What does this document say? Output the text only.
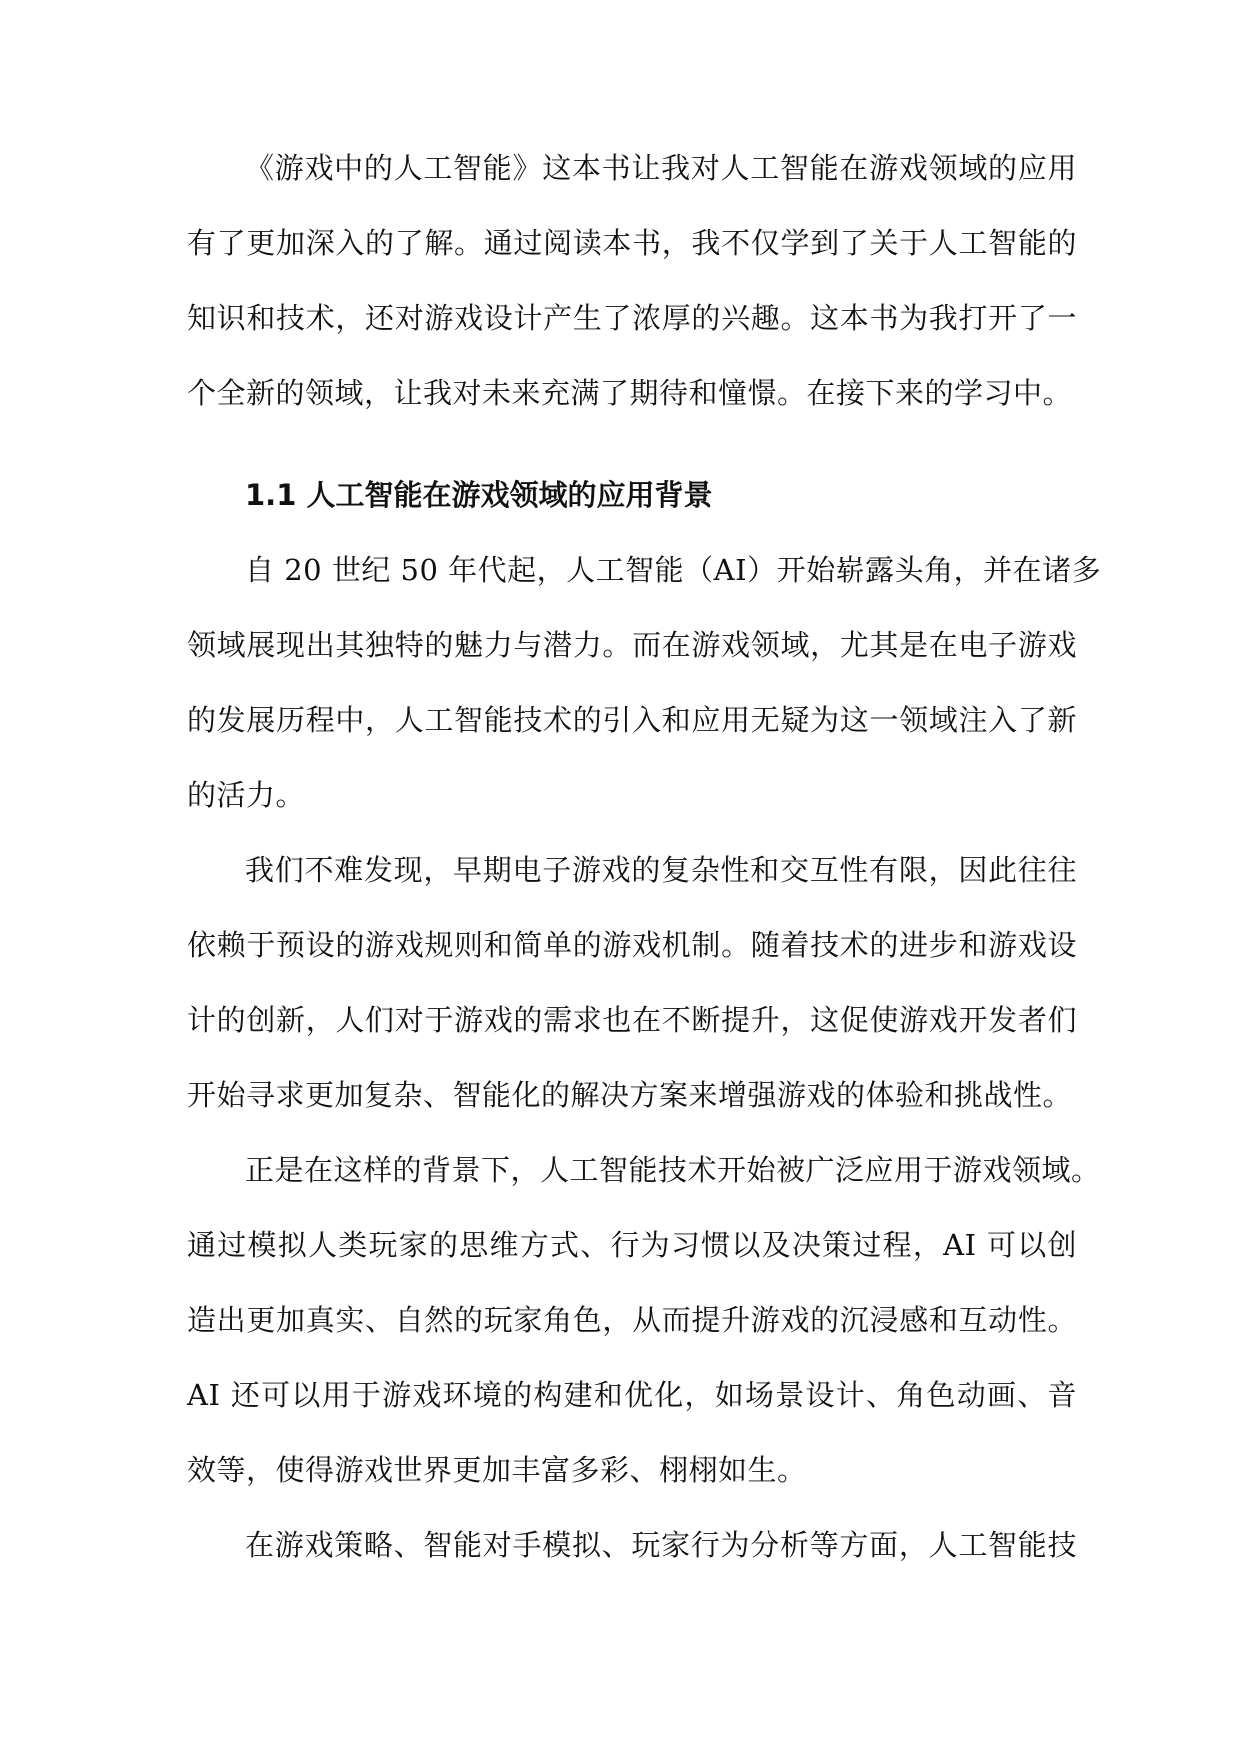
《游戏中的人工智能》这本书让我对人工智能在游戏领域的应用
有了更加深入的了解。通过阅读本书，我不仅学到了关于人工智能的
知识和技术，还对游戏设计产生了浓厚的兴趣。这本书为我打开了一
个全新的领域，让我对未来充满了期待和憧憬。在接下来的学习中。
1.1 人工智能在游戏领域的应用背景
自 20 世纪 50 年代起，人工智能（AI）开始崭露头角，并在诸多
领域展现出其独特的魅力与潜力。而在游戏领域，尤其是在电子游戏
的发展历程中，人工智能技术的引入和应用无疑为这一领域注入了新
的活力。
我们不难发现，早期电子游戏的复杂性和交互性有限，因此往往
依赖于预设的游戏规则和简单的游戏机制。随着技术的进步和游戏设
计的创新，人们对于游戏的需求也在不断提升，这促使游戏开发者们
开始寻求更加复杂、智能化的解决方案来增强游戏的体验和挑战性。
正是在这样的背景下，人工智能技术开始被广泛应用于游戏领域。
通过模拟人类玩家的思维方式、行为习惯以及决策过程，AI 可以创
造出更加真实、自然的玩家角色，从而提升游戏的沉浸感和互动性。
AI 还可以用于游戏环境的构建和优化，如场景设计、角色动画、音
效等，使得游戏世界更加丰富多彩、栩栩如生。
在游戏策略、智能对手模拟、玩家行为分析等方面，人工智能技
